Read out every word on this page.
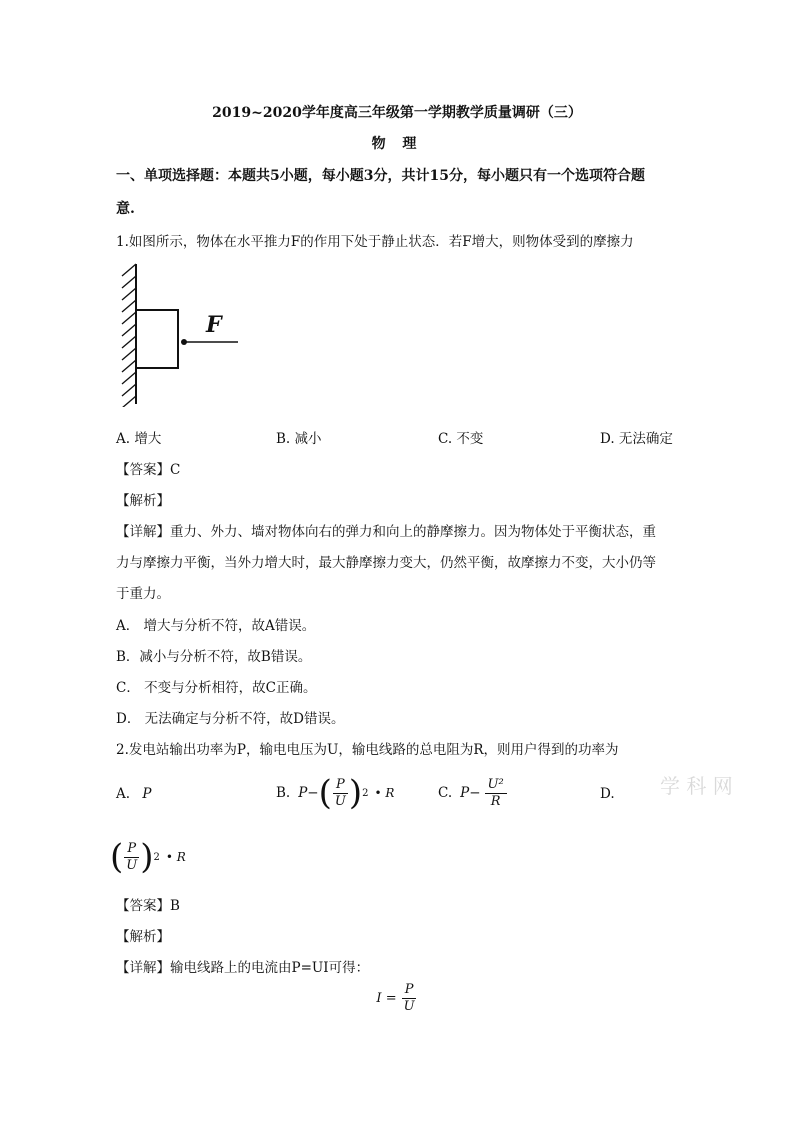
2019~2020学年度高三年级第一学期教学质量调研（三）
物 理
一、单项选择题：本题共5小题，每小题3分，共计15分，每小题只有一个选项符合题
意.
1.如图所示，物体在水平推力F的作用下处于静止状态．若F增大，则物体受到的摩擦力
F
A. 增大	B. 减小	C. 不变	D. 无法确定
【答案】C
【解析】
【详解】重力、外力、墙对物体向右的弹力和向上的静摩擦力。因为物体处于平衡状态，重
力与摩擦力平衡，当外力增大时，最大静摩擦力变大，仍然平衡，故摩擦力不变，大小仍等
于重力。
A． 增大与分析不符，故A错误。
B．减小与分析不符，故B错误。
C． 不变与分析相符，故C正确。
D． 无法确定与分析不符，故D错误。
2.发电站输出功率为P，输电电压为U，输电线路的总电阻为R，则用户得到的功率为
A. P	B. P− ( $\frac{P}{U}$ ) 2 • R	C. $P- \frac{\text{U²}}{R}$	D. 学 科 网
( $\frac{P}{U}$ ) 2 • R
【答案】B
【解析】
【详解】输电线路上的电流由P=UI可得：
$I = \frac{P}{U}$
